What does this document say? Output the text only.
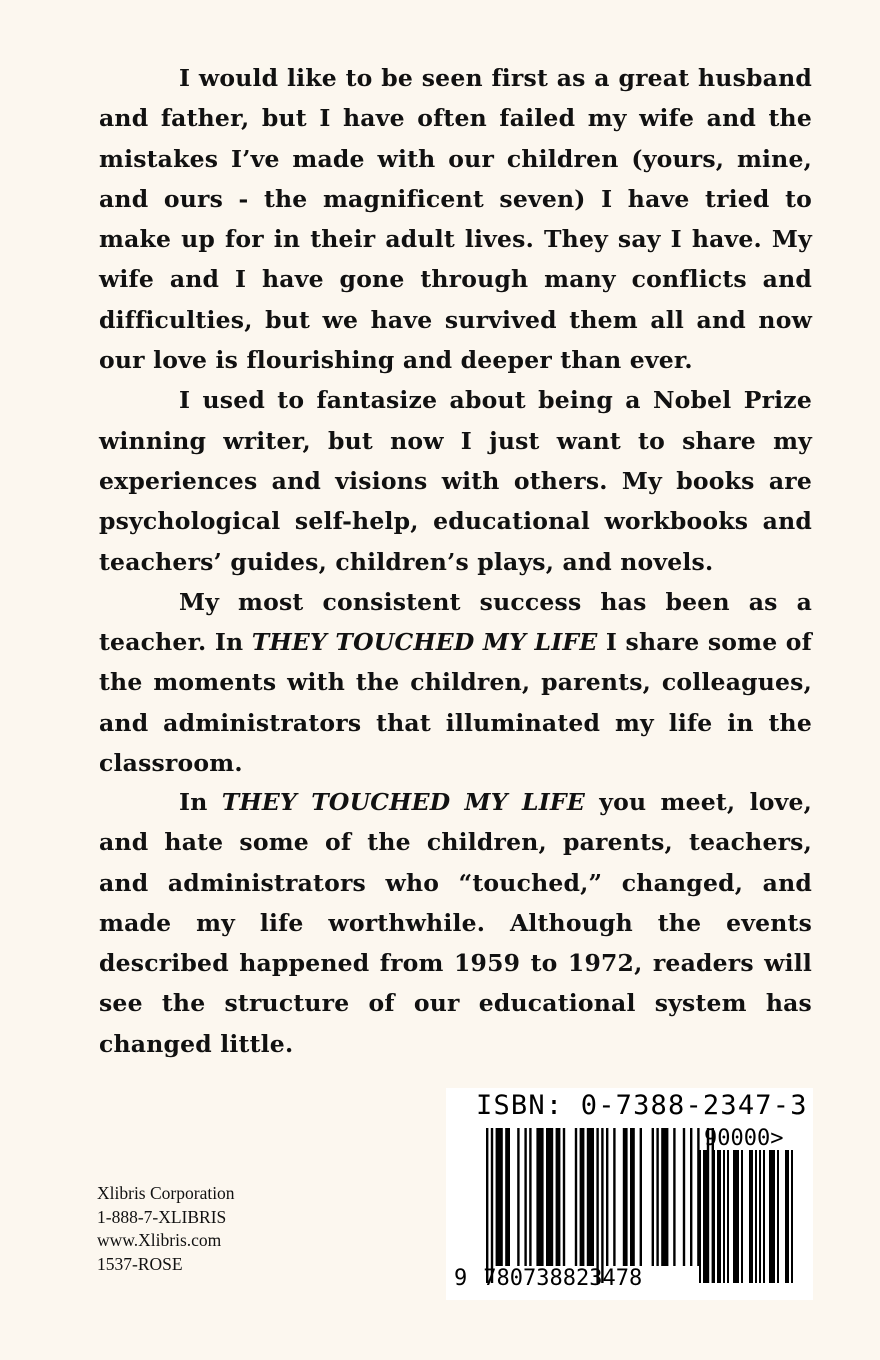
I would like to be seen first as a great husband and father, but I have often failed my wife and the mistakes I’ve made with our children (yours, mine, and ours - the magnificent seven) I have tried to make up for in their adult lives. They say I have. My wife and I have gone through many conflicts and difficulties, but we have survived them all and now our love is flourishing and deeper than ever.

I used to fantasize about being a Nobel Prize winning writer, but now I just want to share my experiences and visions with others. My books are psychological self-help, educational workbooks and teachers’ guides, children’s plays, and novels.

My most consistent success has been as a teacher. In THEY TOUCHED MY LIFE I share some of the moments with the children, parents, colleagues, and administrators that illuminated my life in the classroom.

In THEY TOUCHED MY LIFE you meet, love, and hate some of the children, parents, teachers, and administrators who “touched,” changed, and made my life worthwhile. Although the events described happened from 1959 to 1972, readers will see the structure of our educational system has changed little.

Xlibris Corporation
1-888-7-XLIBRIS
www.Xlibris.com
1537-ROSE
ISBN: 0-7388-2347-3
90000>
9 780738823478
